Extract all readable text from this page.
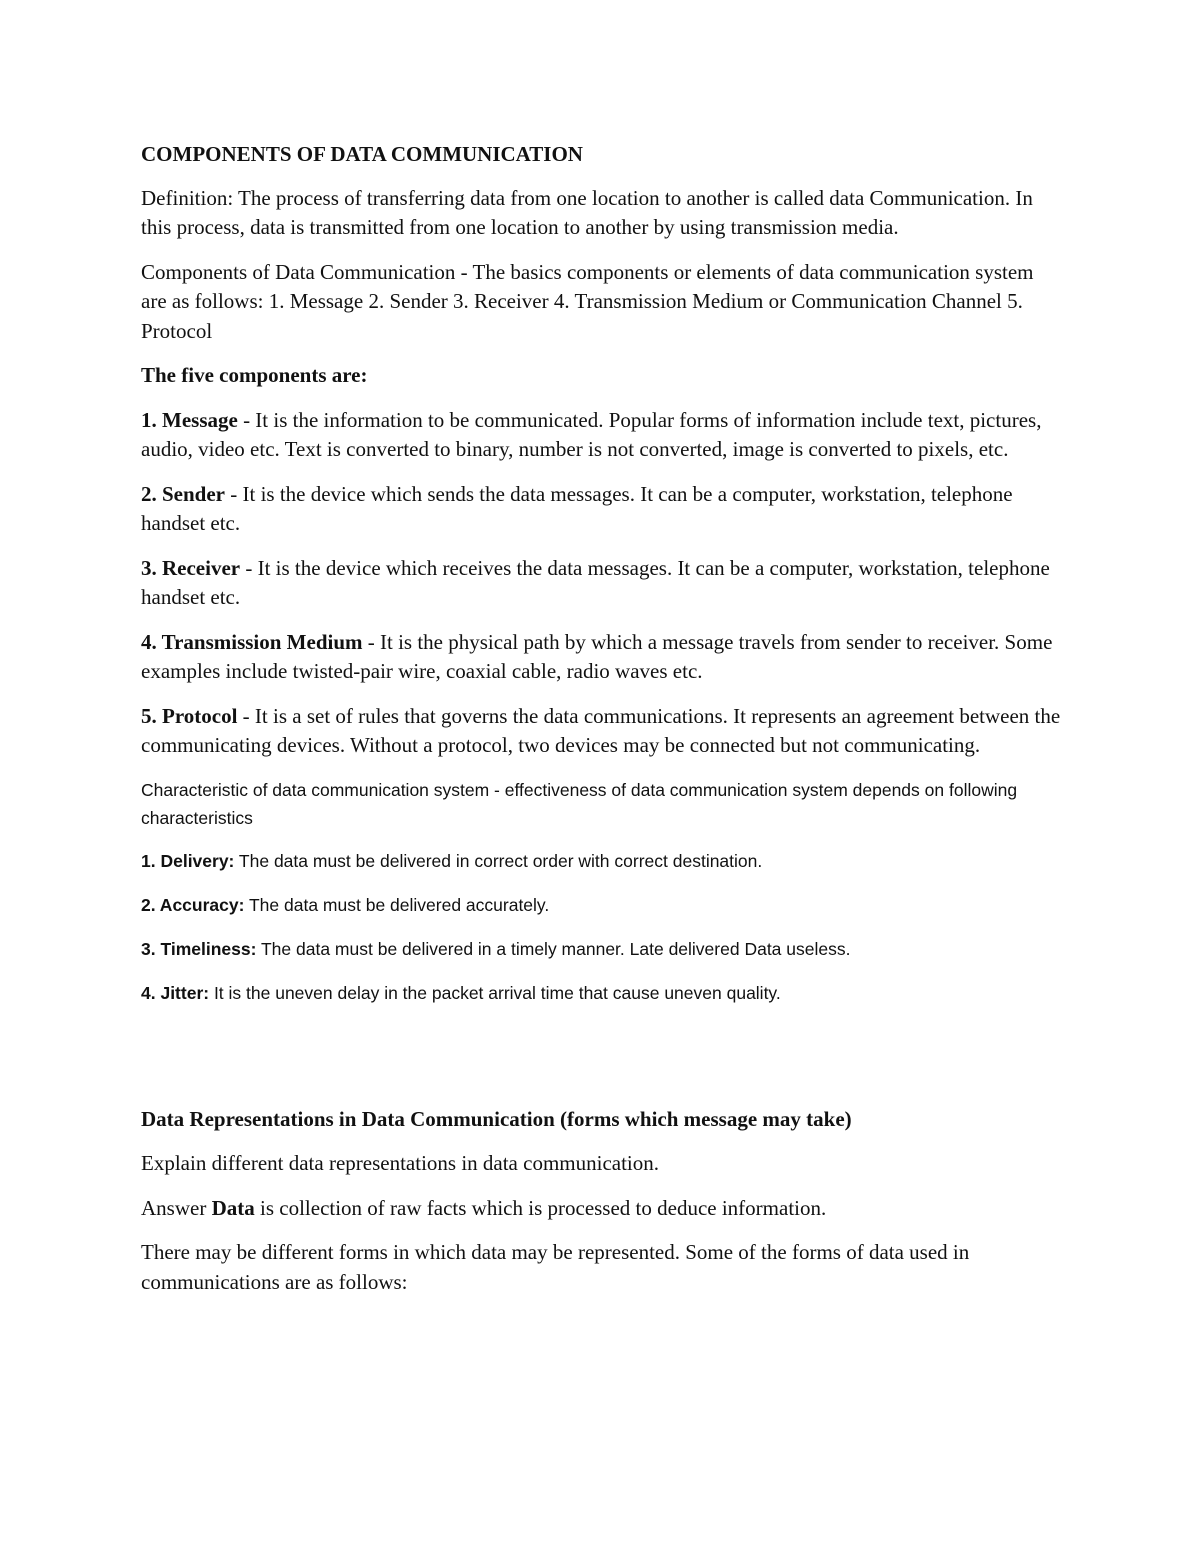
COMPONENTS OF DATA COMMUNICATION

Definition: The process of transferring data from one location to another is called data Communication. In this process, data is transmitted from one location to another by using transmission media.

Components of Data Communication - The basics components or elements of data communication system are as follows: 1. Message 2. Sender 3. Receiver 4. Transmission Medium or Communication Channel 5. Protocol

The five components are:

1. Message - It is the information to be communicated. Popular forms of information include text, pictures, audio, video etc. Text is converted to binary, number is not converted, image is converted to pixels, etc.

2. Sender - It is the device which sends the data messages. It can be a computer, workstation, telephone handset etc.

3. Receiver - It is the device which receives the data messages. It can be a computer, workstation, telephone handset etc.

4. Transmission Medium - It is the physical path by which a message travels from sender to receiver. Some examples include twisted-pair wire, coaxial cable, radio waves etc.

5. Protocol - It is a set of rules that governs the data communications. It represents an agreement between the communicating devices. Without a protocol, two devices may be connected but not communicating.

Characteristic of data communication system - effectiveness of data communication system depends on following characteristics

1. Delivery: The data must be delivered in correct order with correct destination.

2. Accuracy: The data must be delivered accurately.

3. Timeliness: The data must be delivered in a timely manner. Late delivered Data useless.

4. Jitter: It is the uneven delay in the packet arrival time that cause uneven quality.

Data Representations in Data Communication (forms which message may take)

Explain different data representations in data communication.

Answer Data is collection of raw facts which is processed to deduce information.

There may be different forms in which data may be represented. Some of the forms of data used in communications are as follows:
